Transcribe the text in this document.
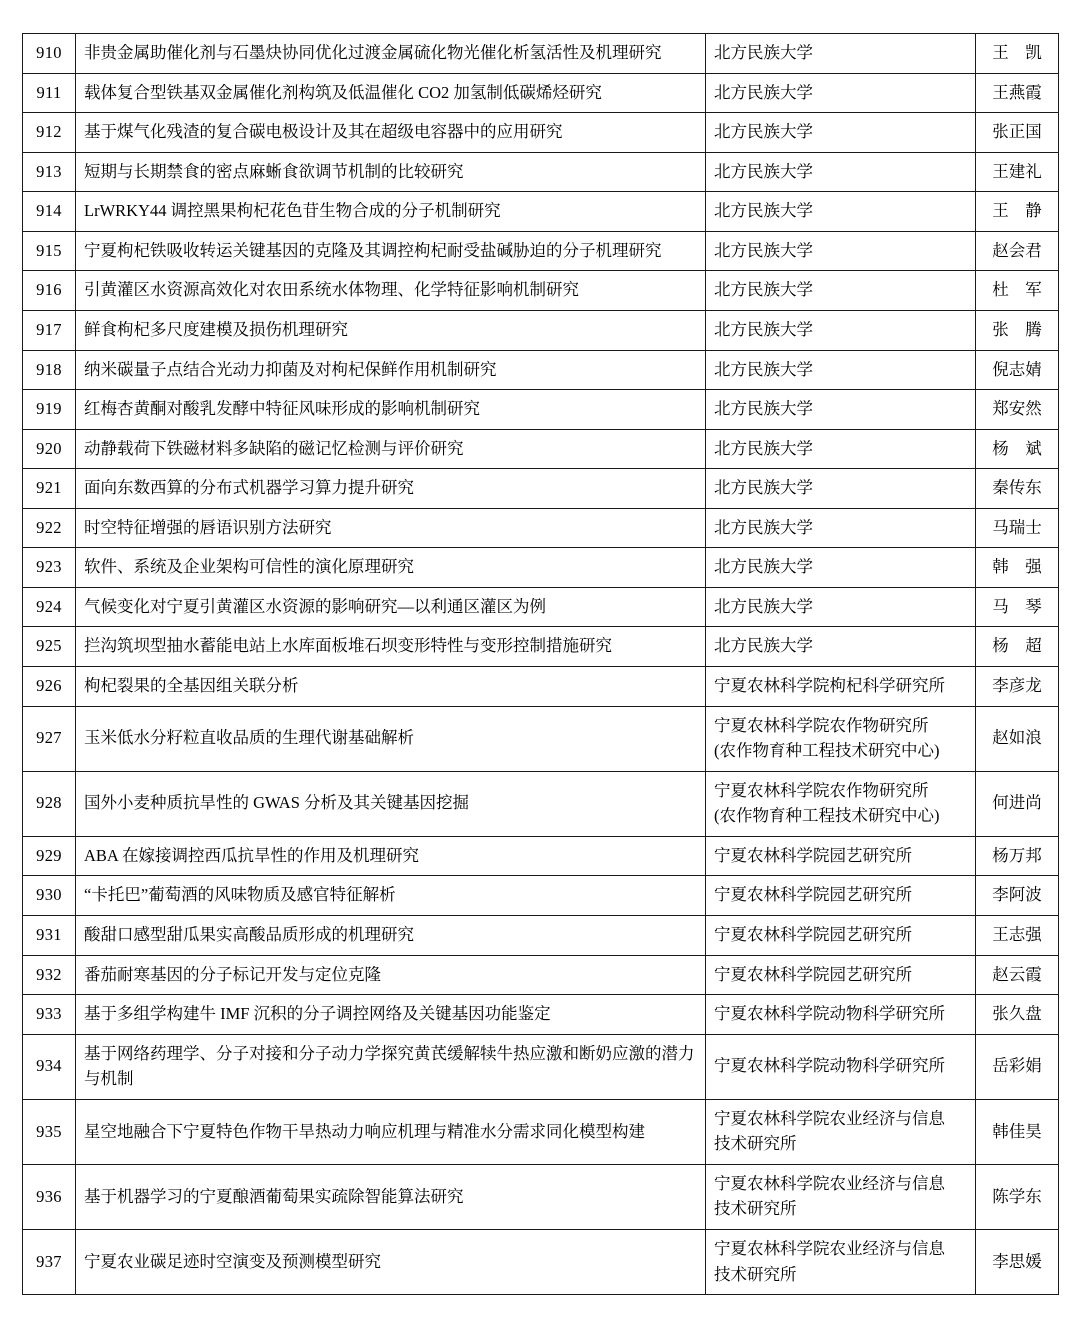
910	非贵金属助催化剂与石墨炔协同优化过渡金属硫化物光催化析氢活性及机理研究	北方民族大学	王　凯
911	载体复合型铁基双金属催化剂构筑及低温催化 CO2 加氢制低碳烯烃研究	北方民族大学	王燕霞
912	基于煤气化残渣的复合碳电极设计及其在超级电容器中的应用研究	北方民族大学	张正国
913	短期与长期禁食的密点麻蜥食欲调节机制的比较研究	北方民族大学	王建礼
914	LrWRKY44 调控黑果枸杞花色苷生物合成的分子机制研究	北方民族大学	王　静
915	宁夏枸杞铁吸收转运关键基因的克隆及其调控枸杞耐受盐碱胁迫的分子机理研究	北方民族大学	赵会君
916	引黄灌区水资源高效化对农田系统水体物理、化学特征影响机制研究	北方民族大学	杜　军
917	鲜食枸杞多尺度建模及损伤机理研究	北方民族大学	张　腾
918	纳米碳量子点结合光动力抑菌及对枸杞保鲜作用机制研究	北方民族大学	倪志婧
919	红梅杏黄酮对酸乳发酵中特征风味形成的影响机制研究	北方民族大学	郑安然
920	动静载荷下铁磁材料多缺陷的磁记忆检测与评价研究	北方民族大学	杨　斌
921	面向东数西算的分布式机器学习算力提升研究	北方民族大学	秦传东
922	时空特征增强的唇语识别方法研究	北方民族大学	马瑞士
923	软件、系统及企业架构可信性的演化原理研究	北方民族大学	韩　强
924	气候变化对宁夏引黄灌区水资源的影响研究—以利通区灌区为例	北方民族大学	马　琴
925	拦沟筑坝型抽水蓄能电站上水库面板堆石坝变形特性与变形控制措施研究	北方民族大学	杨　超
926	枸杞裂果的全基因组关联分析	宁夏农林科学院枸杞科学研究所	李彦龙
927	玉米低水分籽粒直收品质的生理代谢基础解析	宁夏农林科学院农作物研究所
(农作物育种工程技术研究中心)	赵如浪
928	国外小麦种质抗旱性的 GWAS 分析及其关键基因挖掘	宁夏农林科学院农作物研究所
(农作物育种工程技术研究中心)	何进尚
929	ABA 在嫁接调控西瓜抗旱性的作用及机理研究	宁夏农林科学院园艺研究所	杨万邦
930	“卡托巴”葡萄酒的风味物质及感官特征解析	宁夏农林科学院园艺研究所	李阿波
931	酸甜口感型甜瓜果实高酸品质形成的机理研究	宁夏农林科学院园艺研究所	王志强
932	番茄耐寒基因的分子标记开发与定位克隆	宁夏农林科学院园艺研究所	赵云霞
933	基于多组学构建牛 IMF 沉积的分子调控网络及关键基因功能鉴定	宁夏农林科学院动物科学研究所	张久盘
934	基于网络药理学、分子对接和分子动力学探究黄芪缓解犊牛热应激和断奶应激的潜力与机制	宁夏农林科学院动物科学研究所	岳彩娟
935	星空地融合下宁夏特色作物干旱热动力响应机理与精准水分需求同化模型构建	宁夏农林科学院农业经济与信息
技术研究所	韩佳昊
936	基于机器学习的宁夏酿酒葡萄果实疏除智能算法研究	宁夏农林科学院农业经济与信息
技术研究所	陈学东
937	宁夏农业碳足迹时空演变及预测模型研究	宁夏农林科学院农业经济与信息
技术研究所	李思媛
